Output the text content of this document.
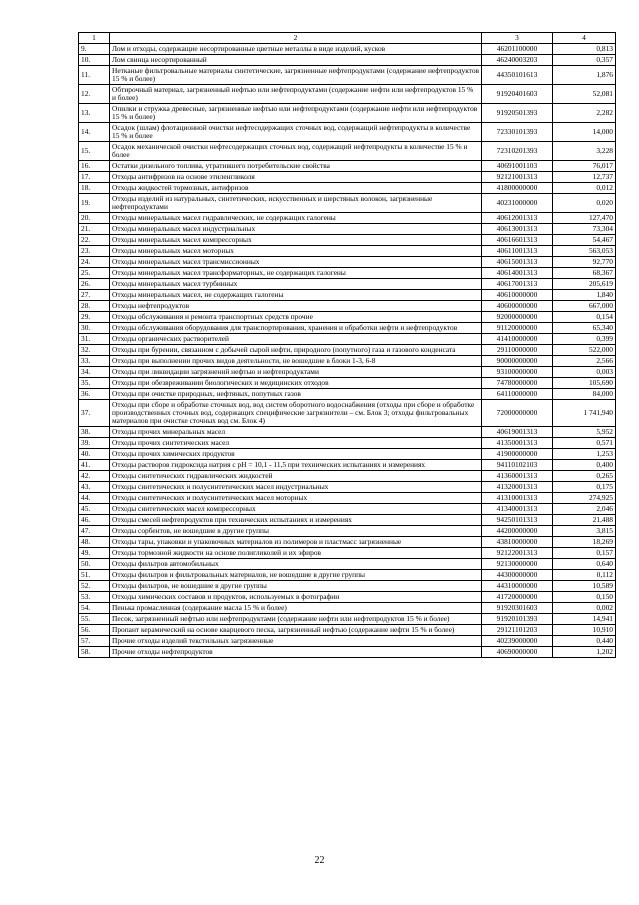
1	2	3	4
9.	Лом и отходы, содержащие несортированные цветные металлы в виде изделий, кусков	46201100000	0,813
10.	Лом свинца несортированный	46240003203	0,357
11.	Нетканые фильтровальные материалы синтетические, загрязненные нефтепродуктами (содержание нефтепродуктов 15 % и более)	44350101613	1,876
12.	Обтирочный материал, загрязненный нефтью или нефтепродуктами (содержание нефти или нефтепродуктов 15 % и более)	91920401603	52,081
13.	Опилки и стружка древесные, загрязненные нефтью или нефтепродуктами (содержание нефти или нефтепродуктов 15 % и более)	91920501393	2,282
14.	Осадок (шлам) флотационной очистки нефтесодержащих сточных вод, содержащий нефтепродукты в количестве 15 % и более	72330101393	14,000
15.	Осадок механической очистки нефтесодержащих сточных вод, содержащий нефтепродукты в количестве 15 % и более	72310201393	3,228
16.	Остатки дизельного топлива, утратившего потребительские свойства	40691001103	76,017
17.	Отходы антифризов на основе этиленгликоля	92121001313	12,737
18.	Отходы жидкостей тормозных, антифризов	41800000000	0,012
19.	Отходы изделий из натуральных, синтетических, искусственных и шерстяных волокон, загрязненные нефтепродуктами	40231000000	0,020
20.	Отходы минеральных масел гидравлических, не содержащих галогены	40612001313	127,470
21.	Отходы минеральных масел индустриальных	40613001313	73,304
22.	Отходы минеральных масел компрессорных	40616601313	54,467
23.	Отходы минеральных масел моторных	40611001313	563,053
24.	Отходы минеральных масел трансмиссионных	40615001313	92,770
25.	Отходы минеральных масел трансформаторных, не содержащих галогены	40614001313	68,367
26.	Отходы минеральных масел турбинных	40617001313	205,619
27.	Отходы минеральных масел, не содержащих галогены	40610000000	1,840
28.	Отходы нефтепродуктов	40600000000	667,000
29.	Отходы обслуживания и ремонта транспортных средств прочие	92000000000	0,154
30.	Отходы обслуживания оборудования для транспортирования, хранения и обработки нефти и нефтепродуктов	91120000000	65,340
31.	Отходы органических растворителей	41410000000	0,399
32.	Отходы при бурении, связанном с добычей сырой нефти, природного (попутного) газа и газового конденсата	29110000000	522,000
33.	Отходы при выполнении прочих видов деятельности, не вошедшие в блоки 1-3, 6-8	90000000000	2,566
34.	Отходы при ликвидации загрязнений нефтью и нефтепродуктами	93100000000	0,003
35.	Отходы при обезвреживании биологических и медицинских отходов	74780000000	105,690
36.	Отходы при очистке природных, нефтяных, попутных газов	64110000000	84,000
37.	Отходы при сборе и обработке сточных вод, вод систем оборотного водоснабжения (отходы при сборе и обработке производственных сточных вод, содержащих специфические загрязнители – см. Блок 3; отходы фильтровальных материалов при очистке сточных вод см. Блок 4)	72000000000	1 741,940
38.	Отходы прочих минеральных масел	40619001313	5,952
39.	Отходы прочих синтетических масел	41350001313	0,571
40.	Отходы прочих химических продуктов	41900000000	1,253
41.	Отходы растворов гидроксида натрия с рН = 10,1 - 11,5 при технических испытаниях и измерениях	94110102103	0,400
42.	Отходы синтетических гидравлических жидкостей	41360001313	0,265
43.	Отходы синтетических и полусинтетических масел индустриальных	41320001313	0,175
44.	Отходы синтетических и полусинтетических масел моторных	41310001313	274,925
45.	Отходы синтетических масел компрессорных	41340001313	2,046
46.	Отходы смесей нефтепродуктов при технических испытаниях и измерениях	94250101313	21,488
47.	Отходы сорбентов, не вошедшие в другие группы	44200000000	3,815
48.	Отходы тары, упаковки и упаковочных материалов из полимеров и пластмасс загрязненные	43810000000	18,269
49.	Отходы тормозной жидкости на основе полигликолей и их эфиров	92122001313	0,157
50.	Отходы фильтров автомобильных	92130000000	0,640
51.	Отходы фильтров и фильтровальных материалов, не вошедшие в другие группы	44300000000	0,112
52.	Отходы фильтров, не вошедшие в другие группы	44310000000	10,589
53.	Отходы химических составов и продуктов, используемых в фотографии	41720000000	0,150
54.	Пенька промасленная (содержание масла 15 % и более)	91920301603	0,002
55.	Песок, загрязненный нефтью или нефтепродуктами (содержание нефти или нефтепродуктов 15 % и более)	91920101393	14,941
56.	Пропант керамический на основе кварцевого песка, загрязненный нефтью (содержание нефти 15 % и более)	29121101203	10,910
57.	Прочие отходы изделий текстильных загрязненные	40239000000	0,440
58.	Прочие отходы нефтепродуктов	40690000000	1,202
22
